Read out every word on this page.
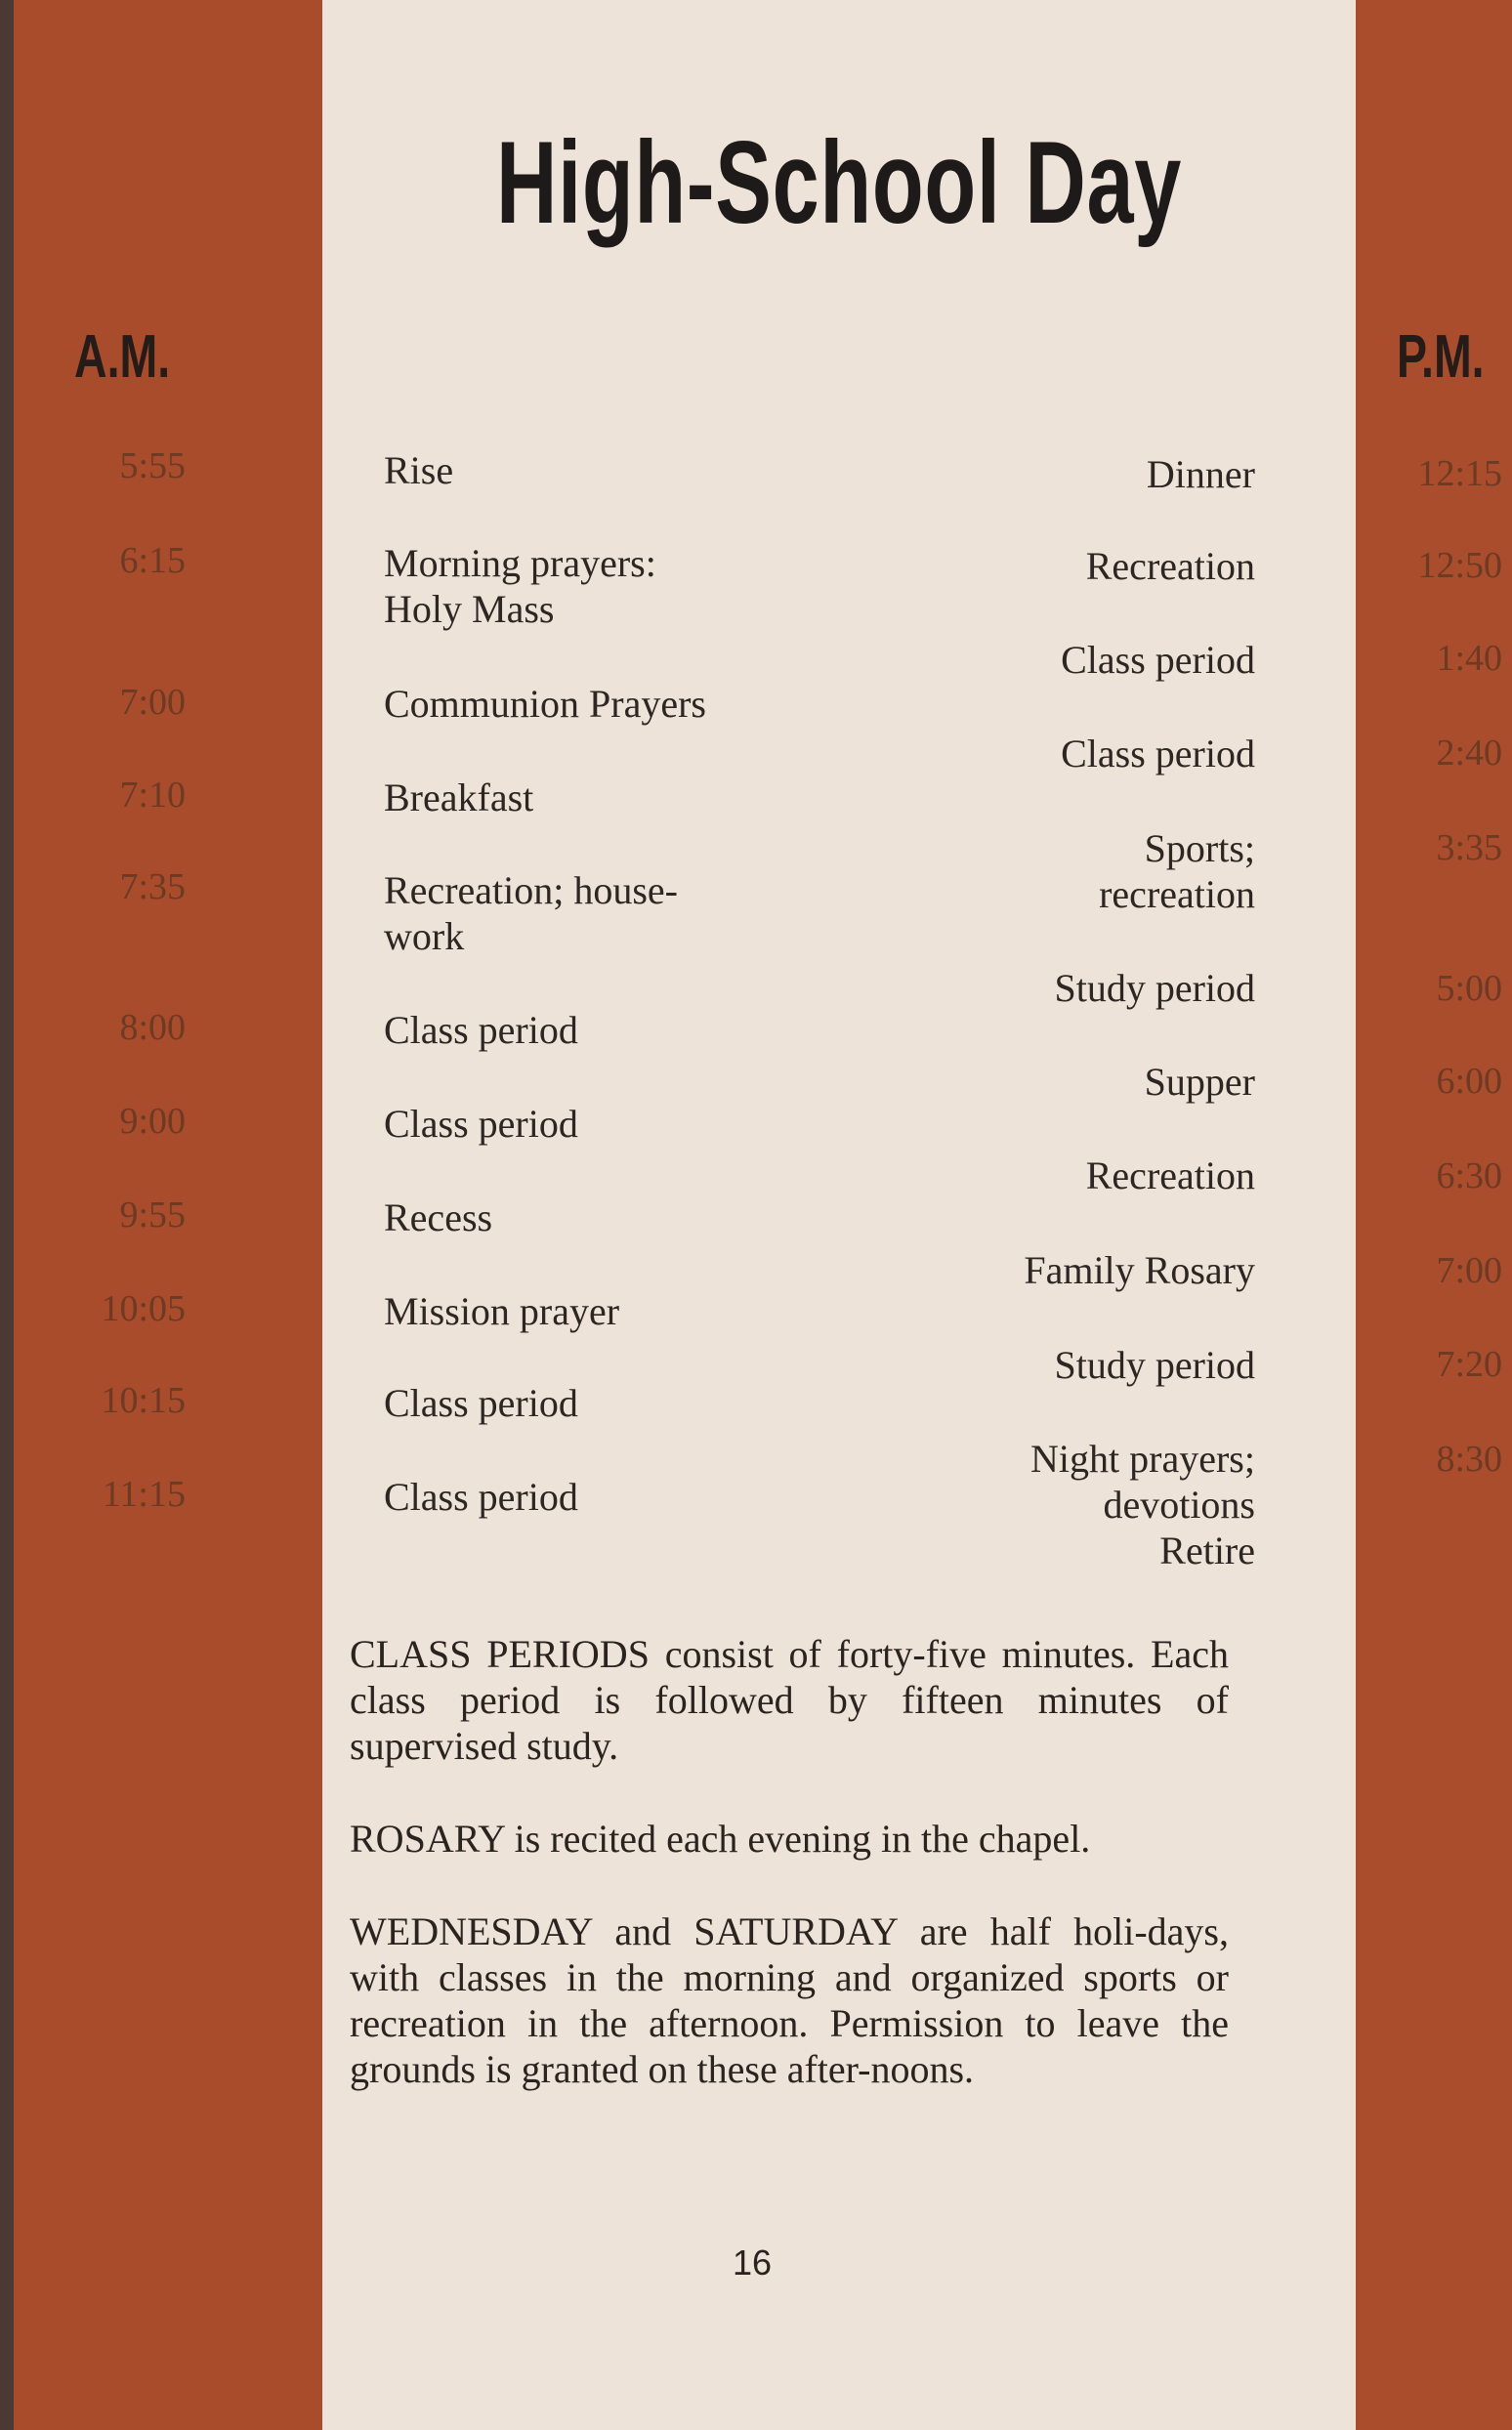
High-School Day
A.M.	P.M.
5:55
6:15
7:00
7:10
7:35
8:00
9:00
9:55
10:05
10:15
11:15
Rise
Morning prayers:
Holy Mass
Communion Prayers
Breakfast
Recreation; house-
work
Class period
Class period
Recess
Mission prayer
Class period
Class period
Dinner
Recreation
Class period
Class period
Sports;
recreation
Study period
Supper
Recreation
Family Rosary
Study period
Night prayers;
devotions
Retire
12:15
12:50
1:40
2:40
3:35
5:00
6:00
6:30
7:00
7:20
8:30

CLASS PERIODS consist of forty-five minutes. Each class period is followed by fifteen minutes of supervised study.

ROSARY is recited each evening in the chapel.

WEDNESDAY and SATURDAY are half holi-days, with classes in the morning and organized sports or recreation in the afternoon. Permission to leave the grounds is granted on these after-noons.

16
